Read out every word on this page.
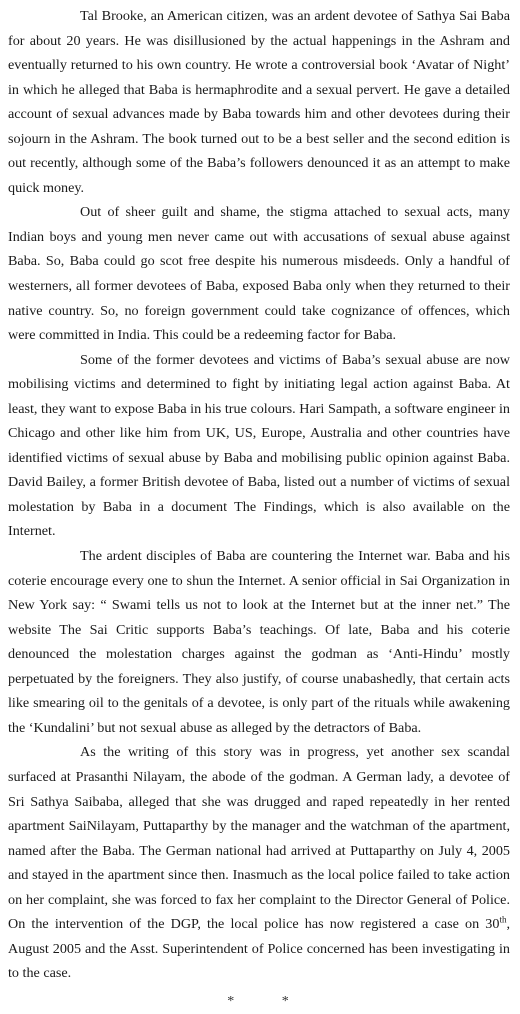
Tal Brooke, an American citizen, was an ardent devotee of Sathya Sai Baba for about 20 years. He was disillusioned by the actual happenings in the Ashram and eventually returned to his own country. He wrote a controversial book ‘Avatar of Night’ in which he alleged that Baba is hermaphrodite and a sexual pervert. He gave a detailed account of sexual advances made by Baba towards him and other devotees during their sojourn in the Ashram. The book turned out to be a best seller and the second edition is out recently, although some of the Baba’s followers denounced it as an attempt to make quick money.

Out of sheer guilt and shame, the stigma attached to sexual acts, many Indian boys and young men never came out with accusations of sexual abuse against Baba. So, Baba could go scot free despite his numerous misdeeds. Only a handful of westerners, all former devotees of Baba, exposed Baba only when they returned to their native country. So, no foreign government could take cognizance of offences, which were committed in India. This could be a redeeming factor for Baba.

Some of the former devotees and victims of Baba’s sexual abuse are now mobilising victims and determined to fight by initiating legal action against Baba. At least, they want to expose Baba in his true colours. Hari Sampath, a software engineer in Chicago and other like him from UK, US, Europe, Australia and other countries have identified victims of sexual abuse by Baba and mobilising public opinion against Baba. David Bailey, a former British devotee of Baba, listed out a number of victims of sexual molestation by Baba in a document The Findings, which is also available on the Internet.

The ardent disciples of Baba are countering the Internet war. Baba and his coterie encourage every one to shun the Internet. A senior official in Sai Organization in New York say: “ Swami tells us not to look at the Internet but at the inner net.” The website The Sai Critic supports Baba’s teachings. Of late, Baba and his coterie denounced the molestation charges against the godman as ‘Anti-Hindu’ mostly perpetuated by the foreigners. They also justify, of course unabashedly, that certain acts like smearing oil to the genitals of a devotee, is only part of the rituals while awakening the ‘Kundalini’ but not sexual abuse as alleged by the detractors of Baba.

As the writing of this story was in progress, yet another sex scandal surfaced at Prasanthi Nilayam, the abode of the godman. A German lady, a devotee of Sri Sathya Saibaba, alleged that she was drugged and raped repeatedly in her rented apartment SaiNilayam, Puttaparthy by the manager and the watchman of the apartment, named after the Baba. The German national had arrived at Puttaparthy on July 4, 2005 and stayed in the apartment since then. Inasmuch as the local police failed to take action on her complaint, she was forced to fax her complaint to the Director General of Police. On the intervention of the DGP, the local police has now registered a case on 30th, August 2005 and the Asst. Superintendent of Police concerned has been investigating in to the case.

* *
